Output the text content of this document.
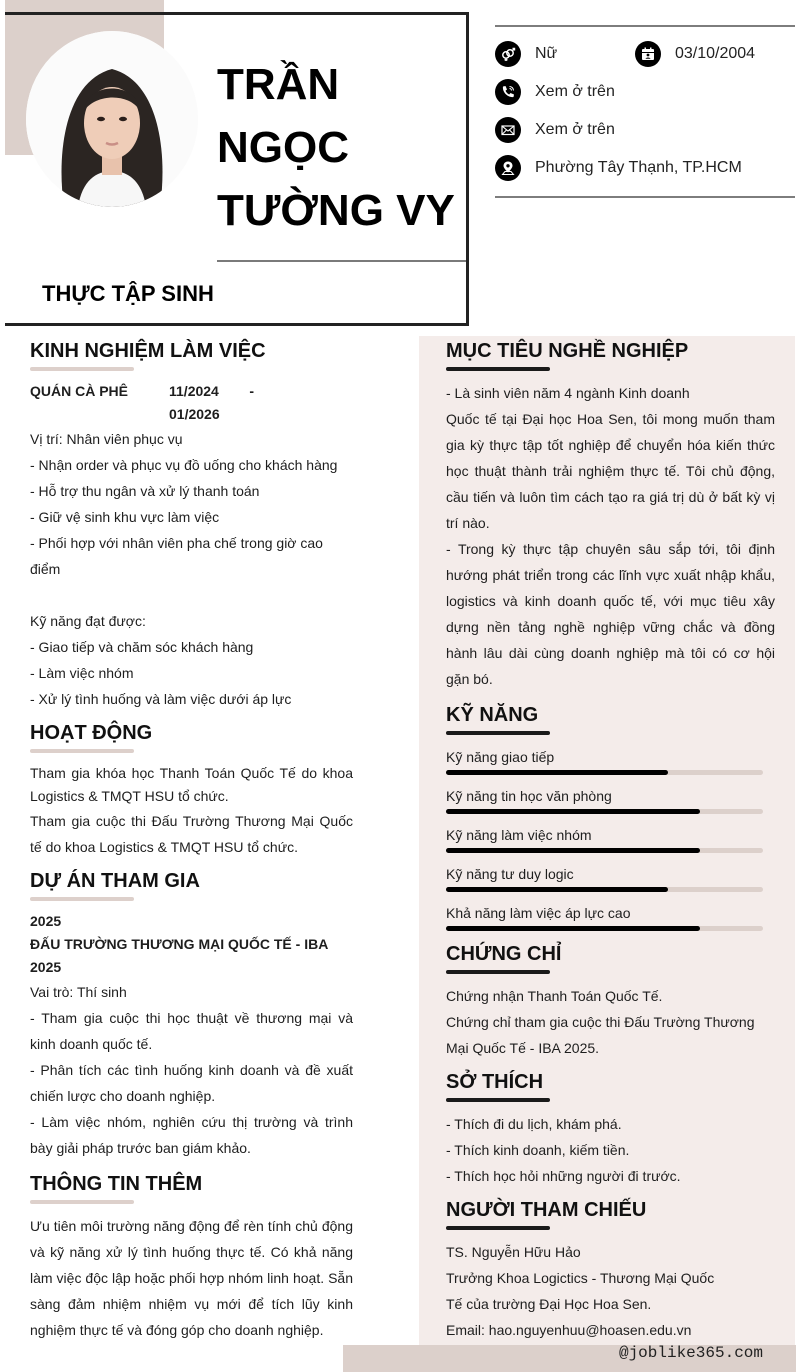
TRẦN
NGỌC
TƯỜNG VY
THỰC TẬP SINH
Nữ	03/10/2004
Xem ở trên
Xem ở trên
Phường Tây Thạnh, TP.HCM
@joblike365.com
KINH NGHIỆM LÀM VIỆC
QUÁN CÀ PHÊ	11/2024 -
01/2026
Vị trí: Nhân viên phục vụ
- Nhận order và phục vụ đồ uống cho khách hàng
- Hỗ trợ thu ngân và xử lý thanh toán
- Giữ vệ sinh khu vực làm việc
- Phối hợp với nhân viên pha chế trong giờ cao điểm
Kỹ năng đạt được:
- Giao tiếp và chăm sóc khách hàng
- Làm việc nhóm
- Xử lý tình huống và làm việc dưới áp lực
HOẠT ĐỘNG
Tham gia khóa học Thanh Toán Quốc Tế do khoa Logistics & TMQT HSU tổ chức.
Tham gia cuộc thi Đấu Trường Thương Mại Quốc tế do khoa Logistics & TMQT HSU tổ chức.
DỰ ÁN THAM GIA
2025
ĐẤU TRƯỜNG THƯƠNG MẠI QUỐC TẾ - IBA 2025
Vai trò: Thí sinh
- Tham gia cuộc thi học thuật về thương mại và kinh doanh quốc tế.
- Phân tích các tình huống kinh doanh và đề xuất chiến lược cho doanh nghiệp.
- Làm việc nhóm, nghiên cứu thị trường và trình bày giải pháp trước ban giám khảo.
THÔNG TIN THÊM
Ưu tiên môi trường năng động để rèn tính chủ động và kỹ năng xử lý tình huống thực tế. Có khả năng làm việc độc lập hoặc phối hợp nhóm linh hoạt. Sẵn sàng đảm nhiệm nhiệm vụ mới để tích lũy kinh nghiệm thực tế và đóng góp cho doanh nghiệp.
MỤC TIÊU NGHỀ NGHIỆP
- Là sinh viên năm 4 ngành Kinh doanh
Quốc tế tại Đại học Hoa Sen, tôi mong muốn tham gia kỳ thực tập tốt nghiệp để chuyển hóa kiến thức học thuật thành trải nghiệm thực tế. Tôi chủ động, cầu tiến và luôn tìm cách tạo ra giá trị dù ở bất kỳ vị trí nào.
- Trong kỳ thực tập chuyên sâu sắp tới, tôi định hướng phát triển trong các lĩnh vực xuất nhập khẩu, logistics và kinh doanh quốc tế, với mục tiêu xây dựng nền tảng nghề nghiệp vững chắc và đồng hành lâu dài cùng doanh nghiệp mà tôi có cơ hội gặn bó.
KỸ NĂNG
Kỹ năng giao tiếp
Kỹ năng tin học văn phòng
Kỹ năng làm việc nhóm
Kỹ năng tư duy logic
Khả năng làm việc áp lực cao
CHỨNG CHỈ
Chứng nhận Thanh Toán Quốc Tế.
Chứng chỉ tham gia cuộc thi Đấu Trường Thương Mại Quốc Tế - IBA 2025.
SỞ THÍCH
- Thích đi du lịch, khám phá.
- Thích kinh doanh, kiếm tiền.
- Thích học hỏi những người đi trước.
NGƯỜI THAM CHIẾU
TS. Nguyễn Hữu Hảo
Trưởng Khoa Logictics - Thương Mại Quốc
Tế của trường Đại Học Hoa Sen.
Email: hao.nguyenhuu@hoasen.edu.vn
